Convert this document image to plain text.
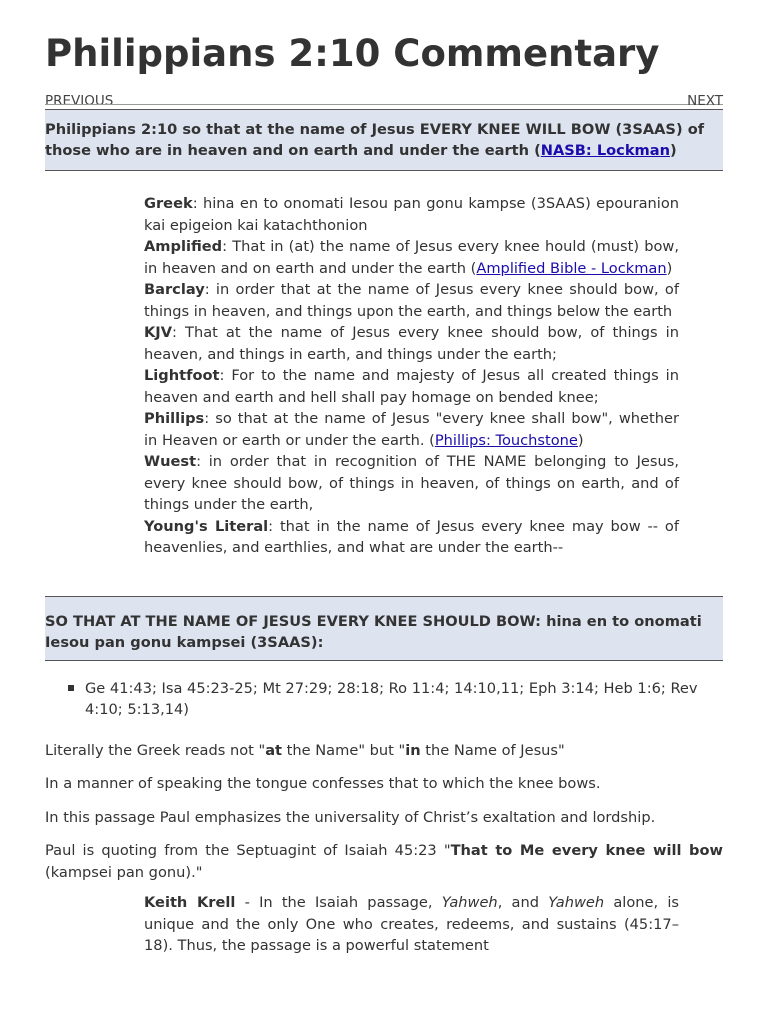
Philippians 2:10 Commentary
PREVIOUS	NEXT
Philippians 2:10 so that at the name of Jesus EVERY KNEE WILL BOW (3SAAS) of those who are in heaven and on earth and under the earth (NASB: Lockman)

Greek: hina en to onomati Iesou pan gonu kampse (3SAAS) epouranion kai epigeion kai katachthonion

Amplified: That in (at) the name of Jesus every knee hould (must) bow, in heaven and on earth and under the earth (Amplified Bible - Lockman)

Barclay: in order that at the name of Jesus every knee should bow, of things in heaven, and things upon the earth, and things below the earth

KJV: That at the name of Jesus every knee should bow, of things in heaven, and things in earth, and things under the earth;

Lightfoot: For to the name and majesty of Jesus all created things in heaven and earth and hell shall pay homage on bended knee;

Phillips: so that at the name of Jesus "every knee shall bow", whether in Heaven or earth or under the earth. (Phillips: Touchstone)

Wuest: in order that in recognition of THE NAME belonging to Jesus, every knee should bow, of things in heaven, of things on earth, and of things under the earth,

Young's Literal: that in the name of Jesus every knee may bow -- of heavenlies, and earthlies, and what are under the earth--

SO THAT AT THE NAME OF JESUS EVERY KNEE SHOULD BOW: hina en to onomati Iesou pan gonu kampsei (3SAAS):
Ge 41:43; Isa 45:23-25; Mt 27:29; 28:18; Ro 11:4; 14:10,11; Eph 3:14; Heb 1:6; Rev 4:10; 5:13,14)

Literally the Greek reads not "at the Name" but "in the Name of Jesus"

In a manner of speaking the tongue confesses that to which the knee bows.

In this passage Paul emphasizes the universality of Christ’s exaltation and lordship.

Paul is quoting from the Septuagint of Isaiah 45:23 "That to Me every knee will bow (kampsei pan gonu)."

Keith Krell - In the Isaiah passage, Yahweh, and Yahweh alone, is unique and the only One who creates, redeems, and sustains (45:17–18). Thus, the passage is a powerful statement
